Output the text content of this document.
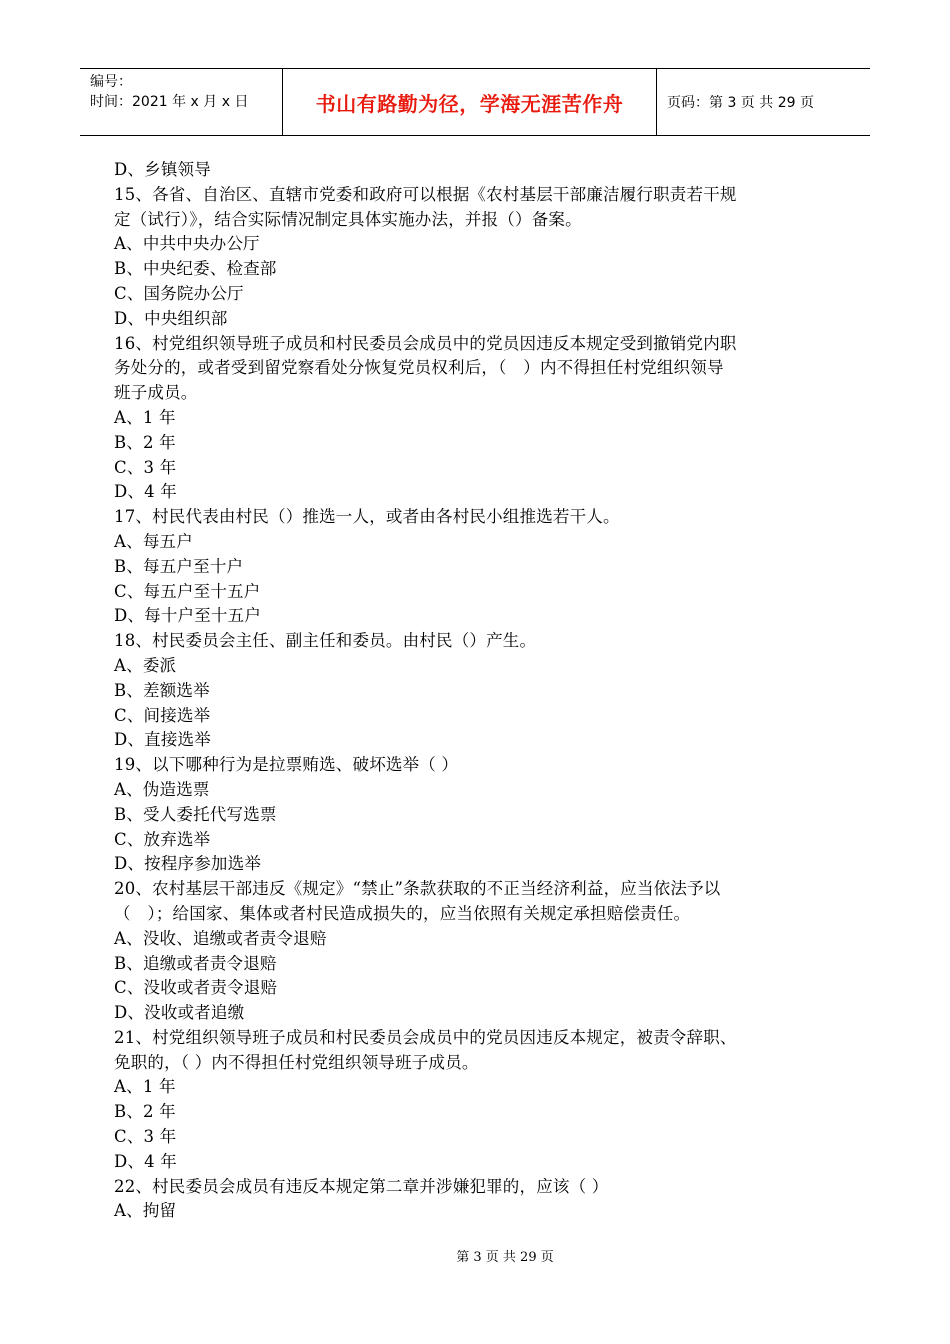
编号：
时间：2021 年 x 月 x 日	书山有路勤为径，学海无涯苦作舟	页码：第 3 页 共 29 页
D、乡镇领导
15、各省、自治区、直辖市党委和政府可以根据《农村基层干部廉洁履行职责若干规
定（试行）》，结合实际情况制定具体实施办法，并报（）备案。
A、中共中央办公厅
B、中央纪委、检查部
C、国务院办公厅
D、中央组织部
16、村党组织领导班子成员和村民委员会成员中的党员因违反本规定受到撤销党内职
务处分的，或者受到留党察看处分恢复党员权利后，（　）内不得担任村党组织领导
班子成员。
A、1 年
B、2 年
C、3 年
D、4 年
17、村民代表由村民（）推选一人，或者由各村民小组推选若干人。
A、每五户
B、每五户至十户
C、每五户至十五户
D、每十户至十五户
18、村民委员会主任、副主任和委员。由村民（）产生。
A、委派
B、差额选举
C、间接选举
D、直接选举
19、以下哪种行为是拉票贿选、破坏选举（ ）
A、伪造选票
B、受人委托代写选票
C、放弃选举
D、按程序参加选举
20、农村基层干部违反《规定》“禁止”条款获取的不正当经济利益，应当依法予以
（　）；给国家、集体或者村民造成损失的，应当依照有关规定承担赔偿责任。
A、没收、追缴或者责令退赔
B、追缴或者责令退赔
C、没收或者责令退赔
D、没收或者追缴
21、村党组织领导班子成员和村民委员会成员中的党员因违反本规定，被责令辞职、
免职的，（ ）内不得担任村党组织领导班子成员。
A、1 年
B、2 年
C、3 年
D、4 年
22、村民委员会成员有违反本规定第二章并涉嫌犯罪的，应该（ ）
A、拘留
第 3 页 共 29 页
